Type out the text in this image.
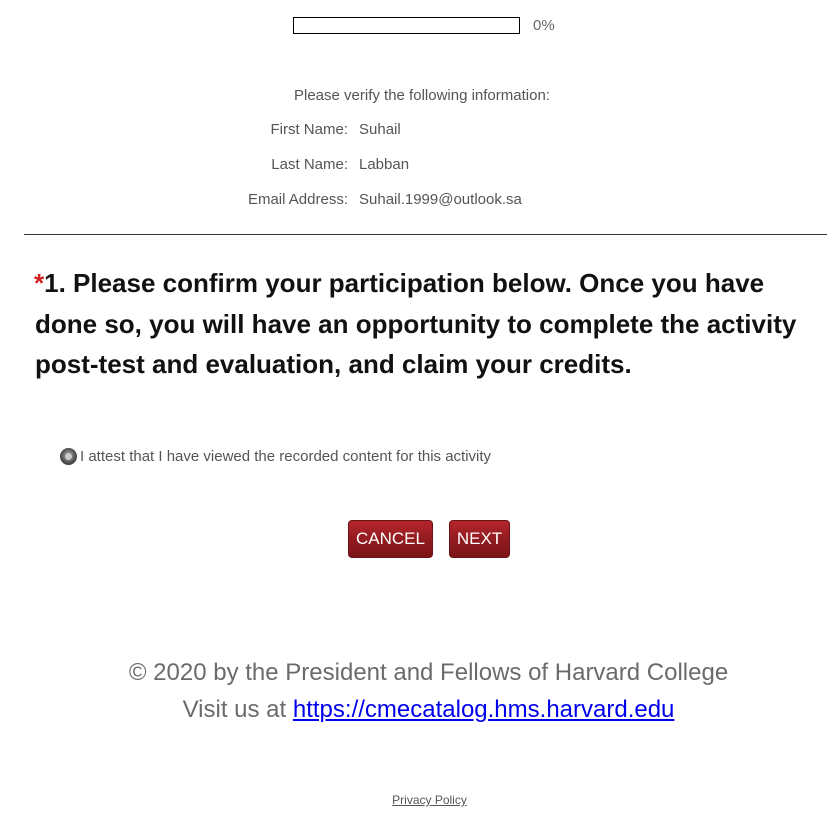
0%
Please verify the following information:
First Name: Suhail
Last Name: Labban
Email Address: Suhail.1999@outlook.sa
*1. Please confirm your participation below. Once you have done so, you will have an opportunity to complete the activity post-test and evaluation, and claim your credits.
I attest that I have viewed the recorded content for this activity
CANCEL	NEXT
© 2020 by the President and Fellows of Harvard College
Visit us at https://cmecatalog.hms.harvard.edu
Privacy Policy
